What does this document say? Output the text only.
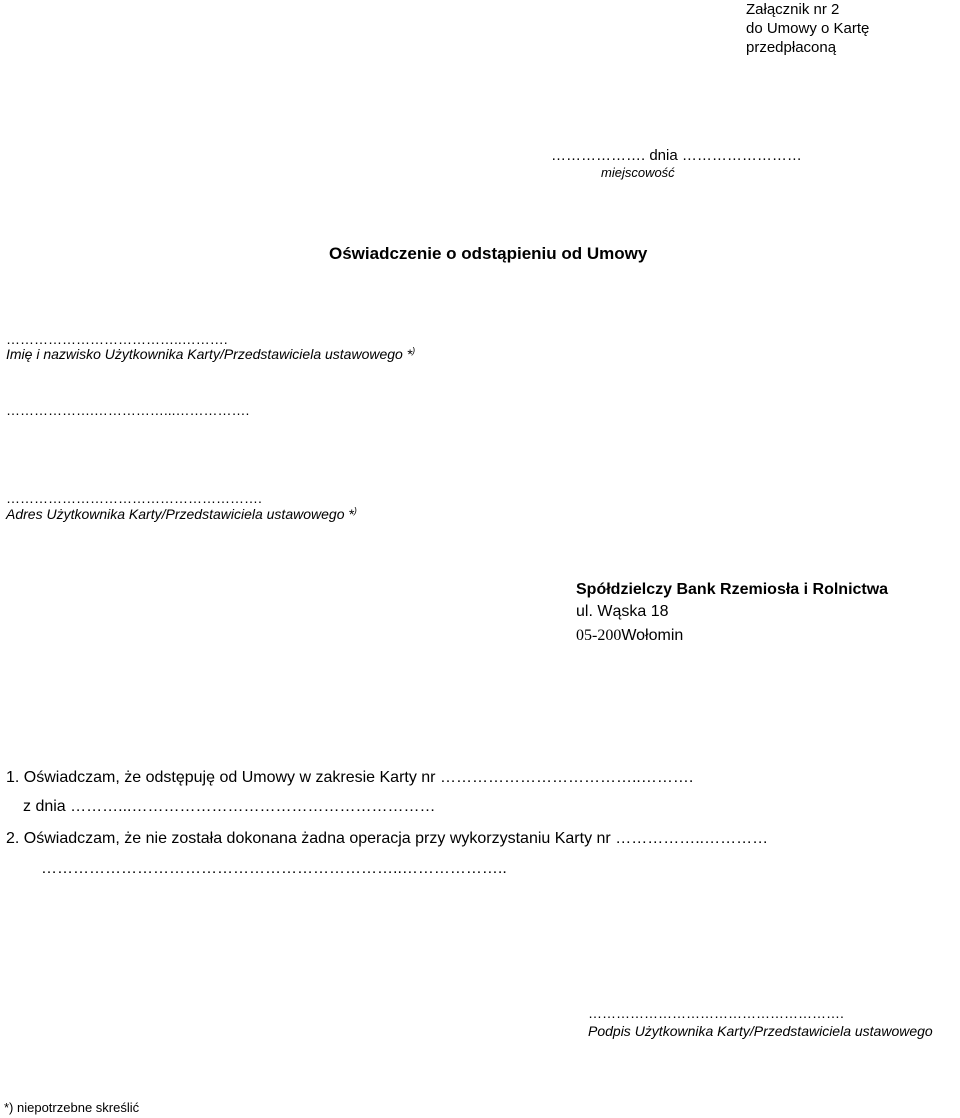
Załącznik nr 2
do Umowy o Kartę
przedpłaconą
………………. dnia ……………………
miejscowość
Oświadczenie o odstąpieniu od Umowy
………………………………..……….
Imię i nazwisko Użytkownika Karty/Przedstawiciela ustawowego *)
……………….……………...…………….
……………………………………………….
Adres Użytkownika Karty/Przedstawiciela ustawowego *)
Spółdzielczy Bank Rzemiosła i Rolnictwa
ul. Wąska 18
05-200Wołomin
1. Oświadczam, że odstępuję od Umowy w zakresie Karty nr ………………………………..……….
z dnia ………...…………………………………………………
2. Oświadczam, że nie została dokonana żadna operacja przy wykorzystaniu Karty nr ……………..…………
…………………………………………………………..………………..
……………………………………………….
Podpis Użytkownika Karty/Przedstawiciela ustawowego
*) niepotrzebne skreślić
